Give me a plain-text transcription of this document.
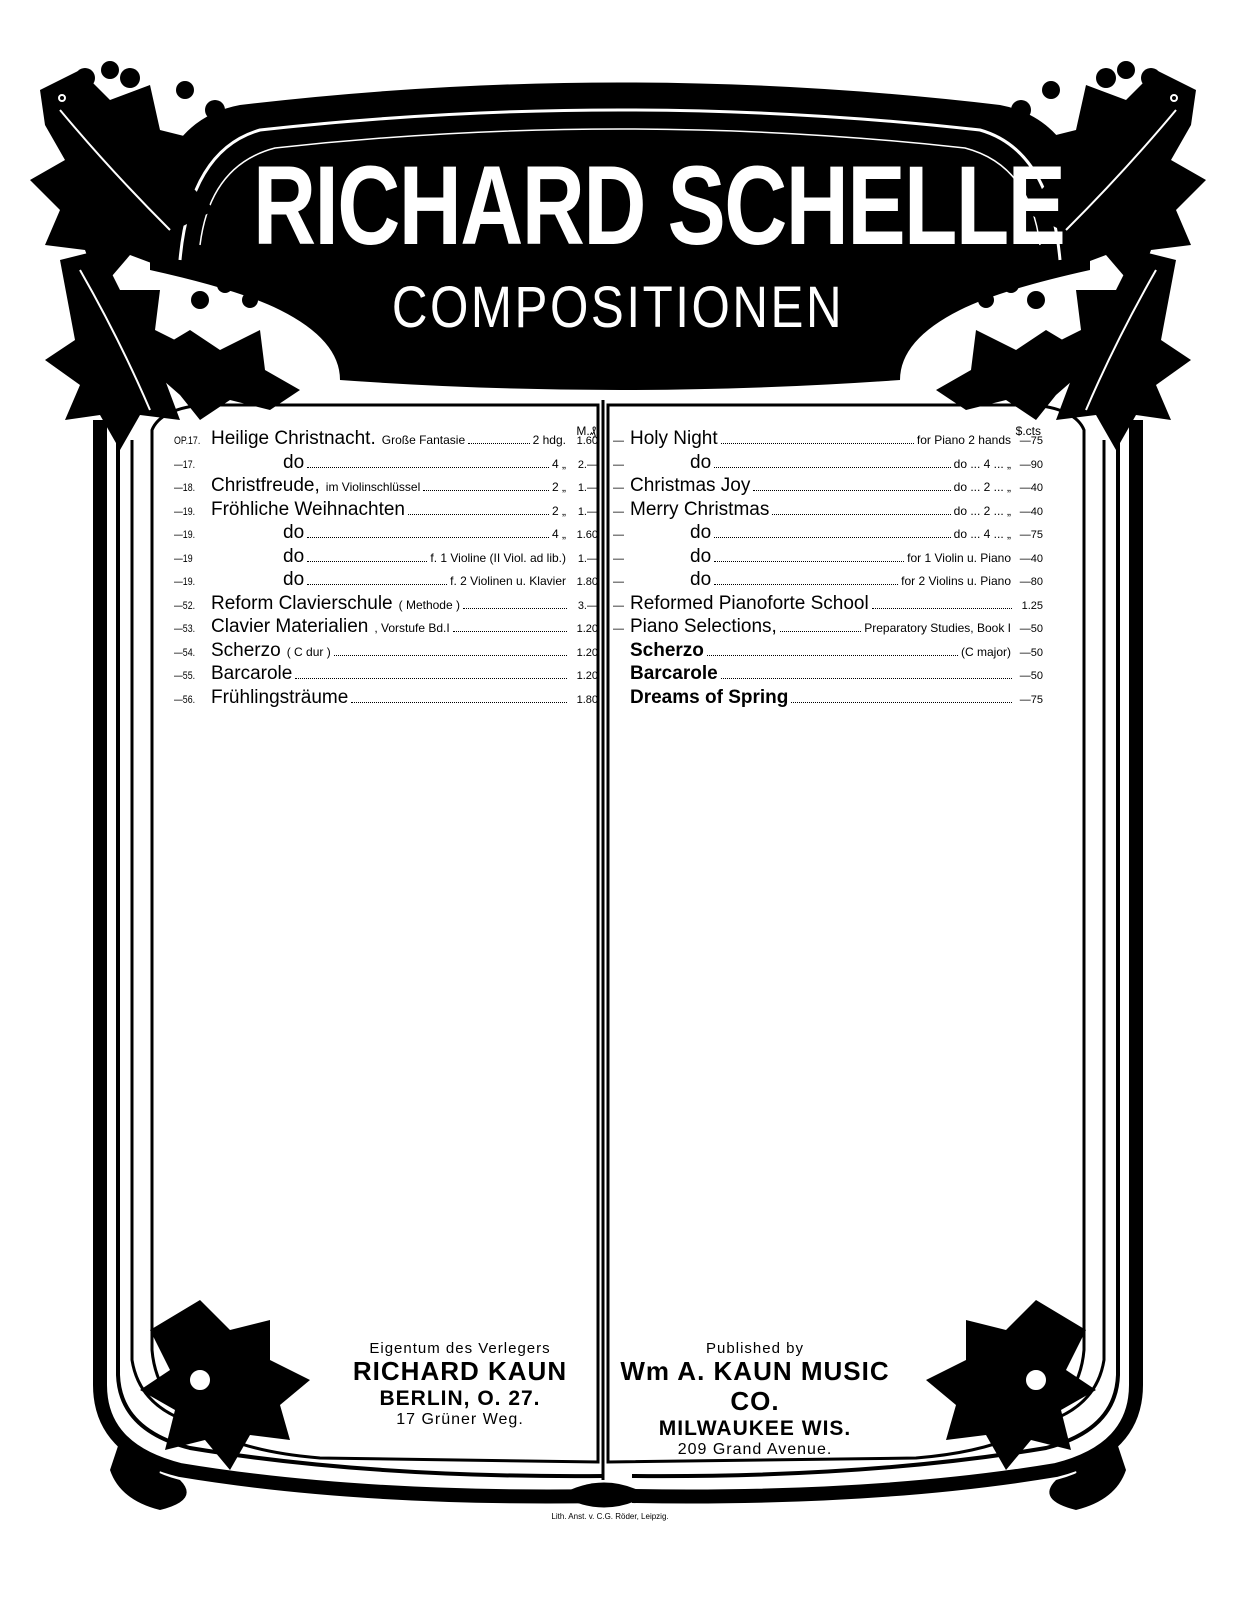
RICHARD SCHELLE
COMPOSITIONEN
M.₰
OP.17. Heilige Christnacht. Große Fantasie	2 hdg. 1.60
—17.	do	4 „	2.—
—18. Christfreude, im Violinschlüssel	2 „	1.—
—19. Fröhliche Weihnachten	2 „	1.—
—19.	do	4 „ 1.60
—19	do	f. 1 Violine (II Viol. ad lib.)	1.—
—19.	do	f. 2 Violinen u. Klavier 1.80
—52. Reform Clavierschule ( Methode )	3.—
—53. Clavier Materialien , Vorstufe Bd.I	1.20
—54. Scherzo ( C dur )	1.20
—55. Barcarole	1.20
—56. Frühlingsträume	1.80
$.cts
— Holy Night	for Piano 2 hands —75
—	do	do ... 4 ... „ —90
— Christmas Joy	do ... 2 ... „ —40
— Merry Christmas	do ... 2 ... „ —40
—	do	do ... 4 ... „ —75
—	do	for 1 Violin u. Piano —40
—	do	for 2 Violins u. Piano —80
— Reformed Pianoforte School	1.25
— Piano Selections,	Preparatory Studies, Book I —50
Scherzo	(C major) —50
Barcarole	—50
Dreams of Spring	—75
Eigentum des Verlegers
RICHARD KAUN
BERLIN, O. 27.
17 Grüner Weg.
Published by
Wm A. KAUN MUSIC CO.
MILWAUKEE WIS.
209 Grand Avenue.
Lith. Anst. v. C.G. Röder, Leipzig.
